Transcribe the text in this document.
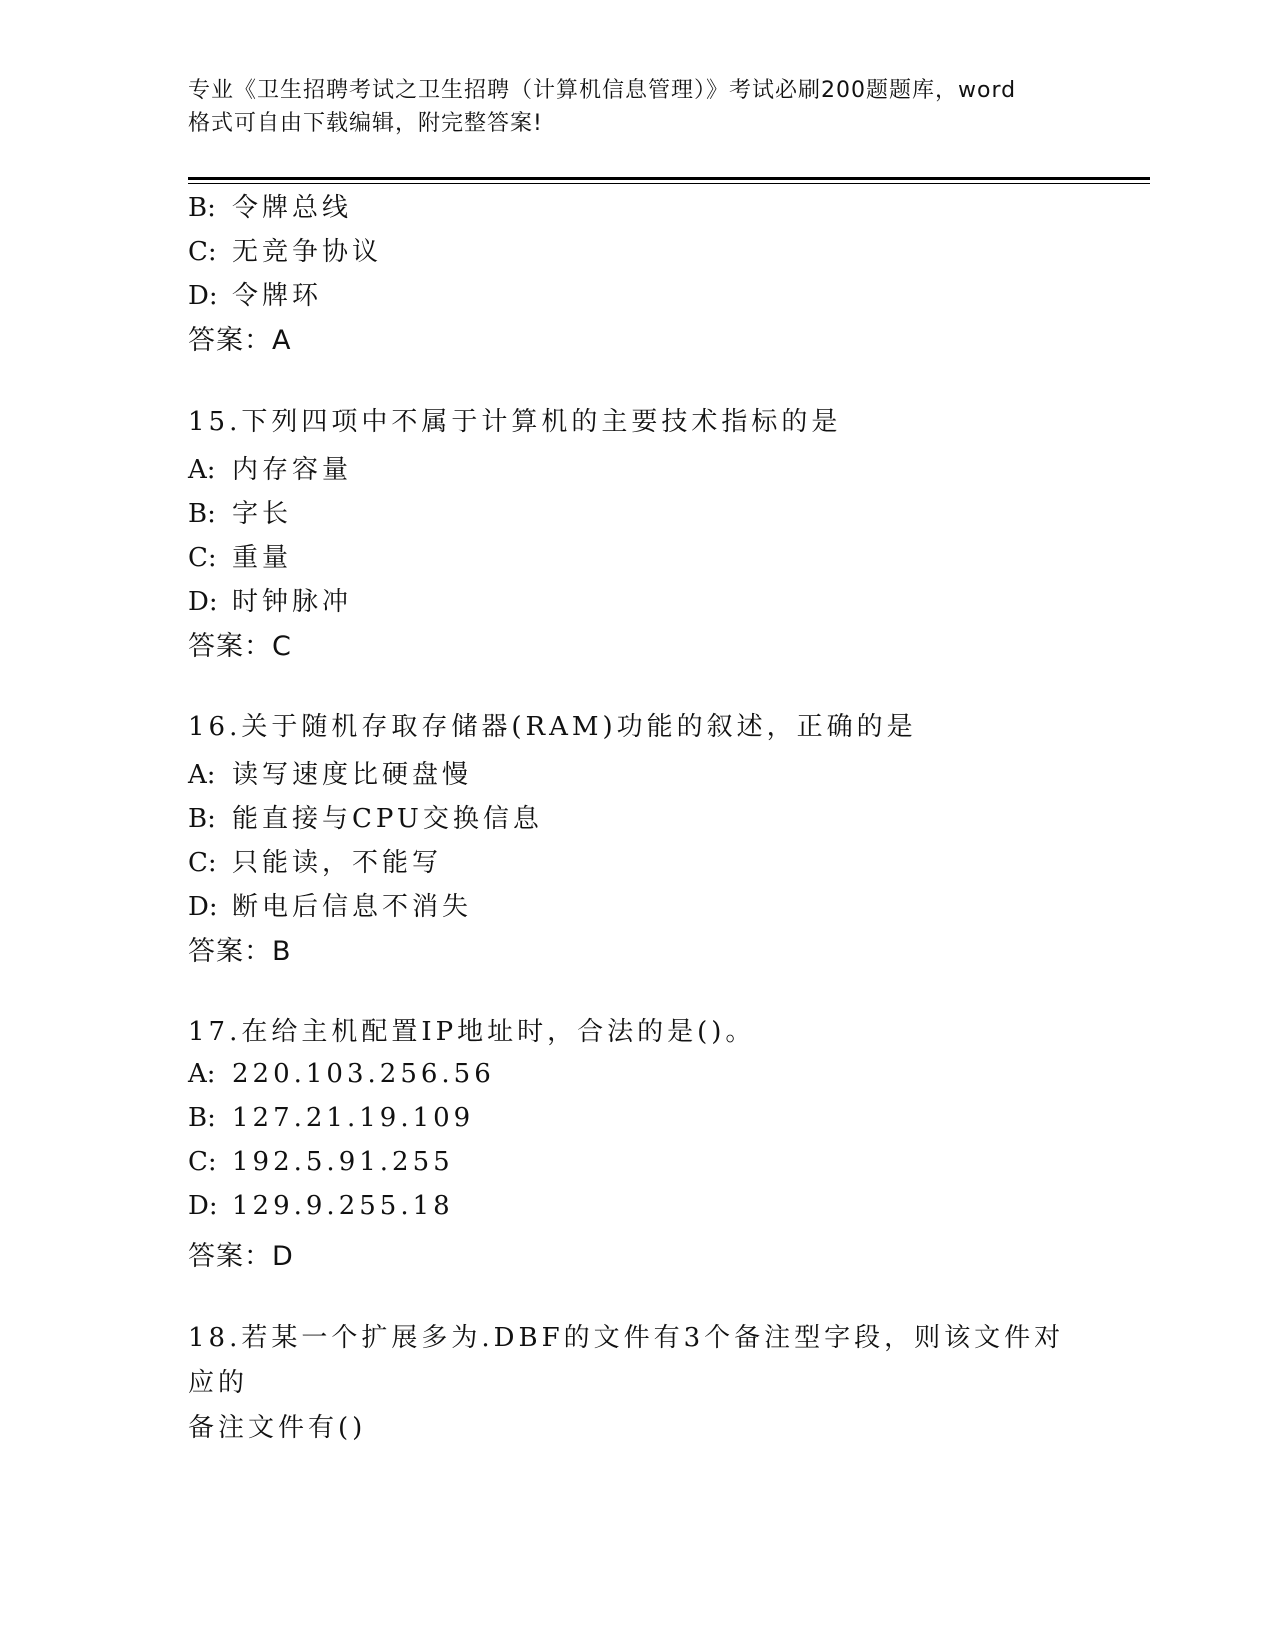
专业《卫生招聘考试之卫生招聘（计算机信息管理）》考试必刷200题题库，word
格式可自由下载编辑，附完整答案!
B: 令牌总线
C: 无竞争协议
D: 令牌环
答案：A
15.下列四项中不属于计算机的主要技术指标的是
A: 内存容量
B: 字长
C: 重量
D: 时钟脉冲
答案：C
16.关于随机存取存储器(RAM)功能的叙述，正确的是
A: 读写速度比硬盘慢
B: 能直接与CPU交换信息
C: 只能读，不能写
D: 断电后信息不消失
答案：B
17.在给主机配置IP地址时，合法的是()。
A: 220.103.256.56
B: 127.21.19.109
C: 192.5.91.255
D: 129.9.255.18
答案：D
18.若某一个扩展多为.DBF的文件有3个备注型字段，则该文件对应的
备注文件有()
